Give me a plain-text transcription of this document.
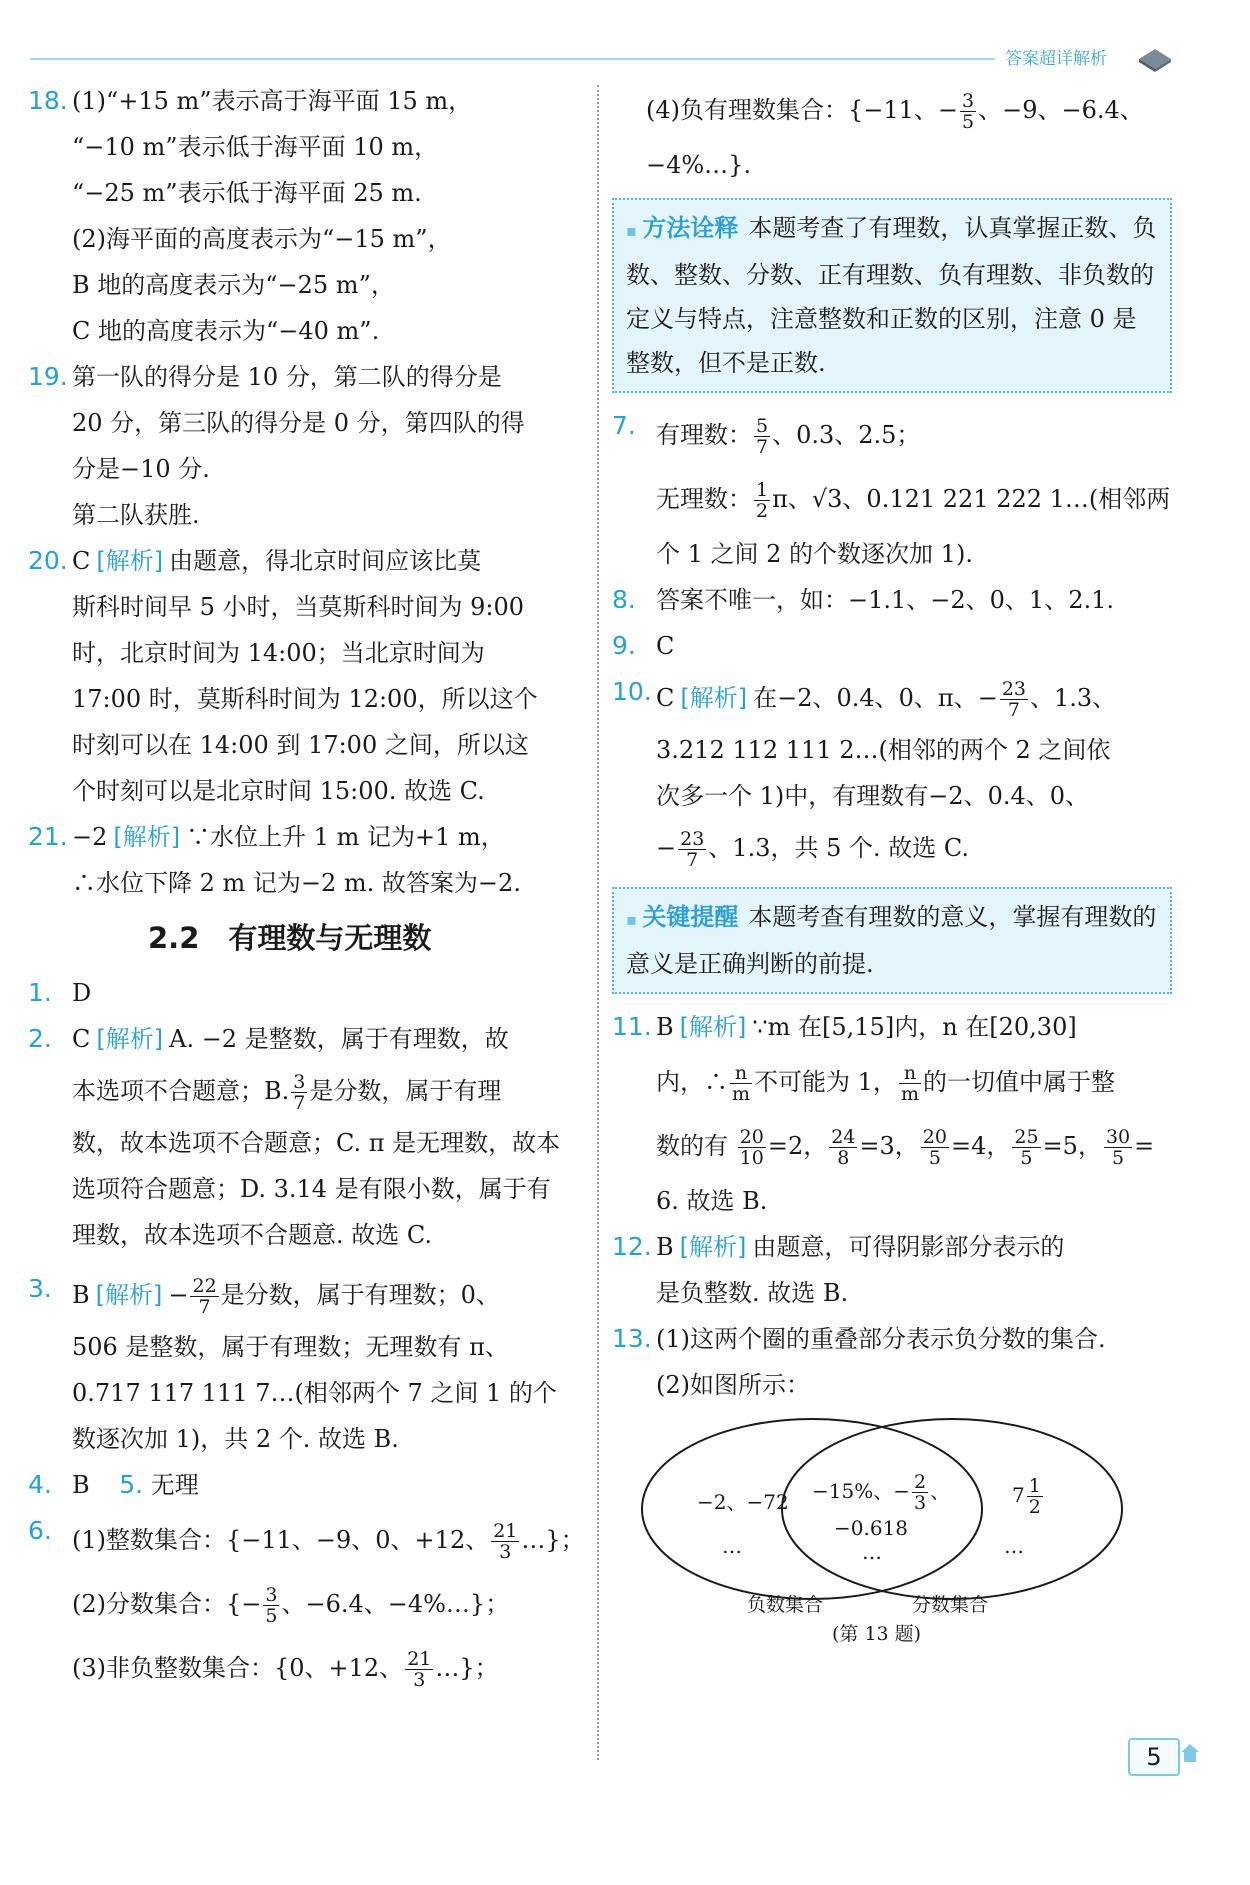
答案超详解析
18. (1)“+15 m”表示高于海平面 15 m，
“−10 m”表示低于海平面 10 m，
“−25 m”表示低于海平面 25 m.
(2)海平面的高度表示为“−15 m”，
B 地的高度表示为“−25 m”，
C 地的高度表示为“−40 m”.
19. 第一队的得分是 10 分，第二队的得分是
20 分，第三队的得分是 0 分，第四队的得
分是−10 分.
第二队获胜.
20. C [解析] 由题意，得北京时间应该比莫
斯科时间早 5 小时，当莫斯科时间为 9:00
时，北京时间为 14:00；当北京时间为
17:00 时，莫斯科时间为 12:00，所以这个
时刻可以在 14:00 到 17:00 之间，所以这
个时刻可以是北京时间 15:00. 故选 C.
21. −2 [解析] ∵水位上升 1 m 记为+1 m，
∴水位下降 2 m 记为−2 m. 故答案为−2.
2.2　有理数与无理数
1. D
2. C [解析] A. −2 是整数，属于有理数，故
本选项不合题意；B. $\frac{3}{7}$ 是分数，属于有理
数，故本选项不合题意；C. π 是无理数，故本
选项符合题意；D. 3.14 是有限小数，属于有
理数，故本选项不合题意. 故选 C.
3. B [解析] − $\frac{22}{7}$ 是分数，属于有理数；0、
506 是整数，属于有理数；无理数有 π、
0.717 117 111 7…(相邻两个 7 之间 1 的个
数逐次加 1)，共 2 个. 故选 B.
4. B 5. 无理
6. (1)整数集合：{−11、−9、0、+12、 $\frac{21}{3}$ …}；
(2)分数集合：{− $\frac{3}{5}$ 、−6.4、−4%…}；
(3)非负整数集合：{0、+12、 $\frac{21}{3}$ …}；
(4)负有理数集合：{−11、− $\frac{3}{5}$ 、−9、−6.4、
−4%…}.
▪ 方法诠释 本题考查了有理数，认真掌握正数、负数、整数、分数、正有理数、负有理数、非负数的定义与特点，注意整数和正数的区别，注意 0 是整数，但不是正数.
7. 有理数： $\frac{5}{7}$ 、0.3、2.5；
无理数： $\frac{1}{2}$ π、√3、0.121 221 222 1…(相邻两
个 1 之间 2 的个数逐次加 1).
8. 答案不唯一，如：−1.1、−2、0、1、2.1.
9. C
10. C [解析] 在−2、0.4、0、π、− $\frac{23}{7}$ 、1.3、
3.212 112 111 2…(相邻的两个 2 之间依
次多一个 1)中，有理数有−2、0.4、0、
− $\frac{23}{7}$ 、1.3，共 5 个. 故选 C.
▪ 关键提醒 本题考查有理数的意义，掌握有理数的意义是正确判断的前提.
11. B [解析] ∵m 在[5,15]内，n 在[20,30]
内，∴ $\frac{n}{m}$ 不可能为 1， $\frac{n}{m}$ 的一切值中属于整
数的有 $\frac{20}{10} =2$， $\frac{24}{8} =3$， $\frac{20}{5} =4$， $\frac{25}{5} =5$， $\frac{30}{5}$ =
6. 故选 B.
12. B [解析] 由题意，可得阴影部分表示的
是负整数. 故选 B.
13. (1)这两个圈的重叠部分表示负分数的集合.
(2)如图所示：
−2、−72
…
−15%、− $\frac{2}{3}$ 、
−0.618
…
$7 \frac{1}{2}$
…
负数集合	分数集合
(第 13 题)
5
